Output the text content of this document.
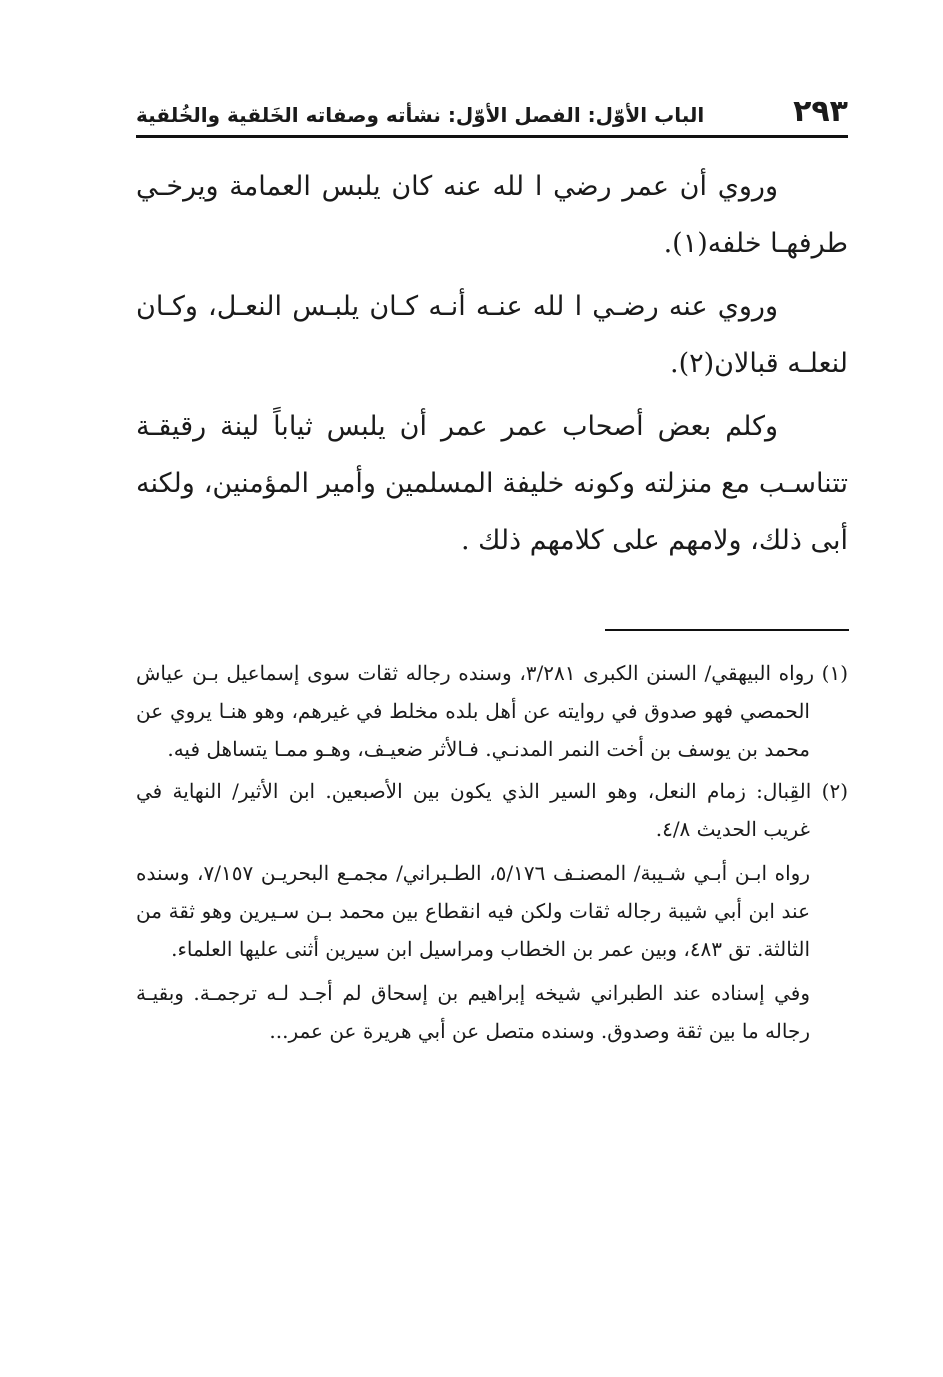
٢٩٣
الباب الأوّل: الفصل الأوّل: نشأته وصفاته الخَلقية والخُلقية

وروي أن عمر رضي ا لله عنه كان يلبس العمامة ويرخـي طرفهـا خلفه(١).

وروي عنه رضـي ا لله عنـه أنـه كـان يلبـس النعـل، وكـان لنعلـه قبالان(٢).

وكلم بعض أصحاب عمر عمر أن يلبس ثياباً لينة رقيقـة تتناسـب مع منزلته وكونه خليفة المسلمين وأمير المؤمنين، ولكنه أبى ذلك، ولامهم على كلامهم ذلك .

(١) رواه البيهقي/ السنن الكبرى ٣/٢٨١، وسنده رجاله ثقات سوى إسماعيل بـن عياش الحمصي فهو صدوق في روايته عن أهل بلده مخلط في غيرهم، وهو هنـا يروي عن محمد بن يوسف بن أخت النمر المدنـي. فـالأثر ضعيـف، وهـو ممـا يتساهل فيه.

(٢) القِبال: زمام النعل، وهو السير الذي يكون بين الأصبعين. ابن الأثير/ النهاية في غريب الحديث ٤/٨.

رواه ابـن أبـي شـيبة/ المصنـف ٥/١٧٦، الطـبراني/ مجمـع البحريـن ٧/١٥٧، وسنده عند ابن أبي شيبة رجاله ثقات ولكن فيه انقطاع بين محمد بـن سـيرين وهو ثقة من الثالثة. تق ٤٨٣، وبين عمر بن الخطاب ومراسيل ابن سيرين أثنى عليها العلماء.

وفي إسناده عند الطبراني شيخه إبراهيم بن إسحاق لم أجـد لـه ترجمـة. وبقيـة رجاله ما بين ثقة وصدوق. وسنده متصل عن أبي هريرة عن عمر...
